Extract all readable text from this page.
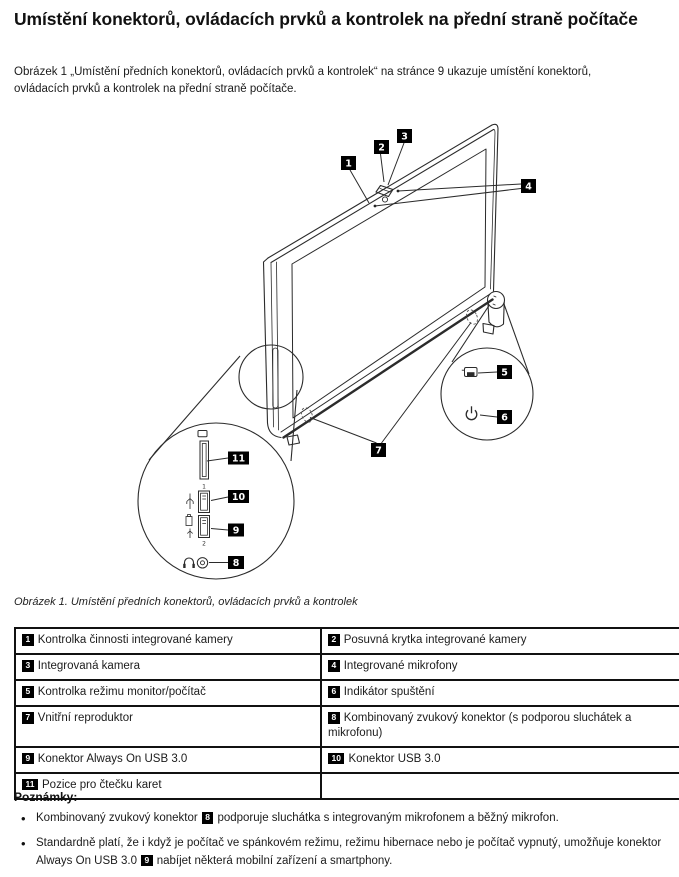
Umístění konektorů, ovládacích prvků a kontrolek na přední straně počítače

Obrázek 1 „Umístění předních konektorů, ovládacích prvků a kontrolek“ na stránce 9 ukazuje umístění konektorů, ovládacích prvků a kontrolek na přední straně počítače.

1
2
1
2
3
4
5
6
7
8
9
10
11

Obrázek 1. Umístění předních konektorů, ovládacích prvků a kontrolek

1 Kontrolka činnosti integrované kamery	2 Posuvná krytka integrované kamery
3 Integrovaná kamera	4 Integrované mikrofony
5 Kontrolka režimu monitor/počítač	6 Indikátor spuštění
7 Vnitřní reproduktor	8 Kombinovaný zvukový konektor (s podporou sluchátek a mikrofonu)
9 Konektor Always On USB 3.0	10 Konektor USB 3.0
11 Pozice pro čtečku karet	

Poznámky:

• Kombinovaný zvukový konektor 8 podporuje sluchátka s integrovaným mikrofonem a běžný mikrofon.
• Standardně platí, že i když je počítač ve spánkovém režimu, režimu hibernace nebo je počítač vypnutý, umožňuje konektor Always On USB 3.0 9 nabíjet některá mobilní zařízení a smartphony.
